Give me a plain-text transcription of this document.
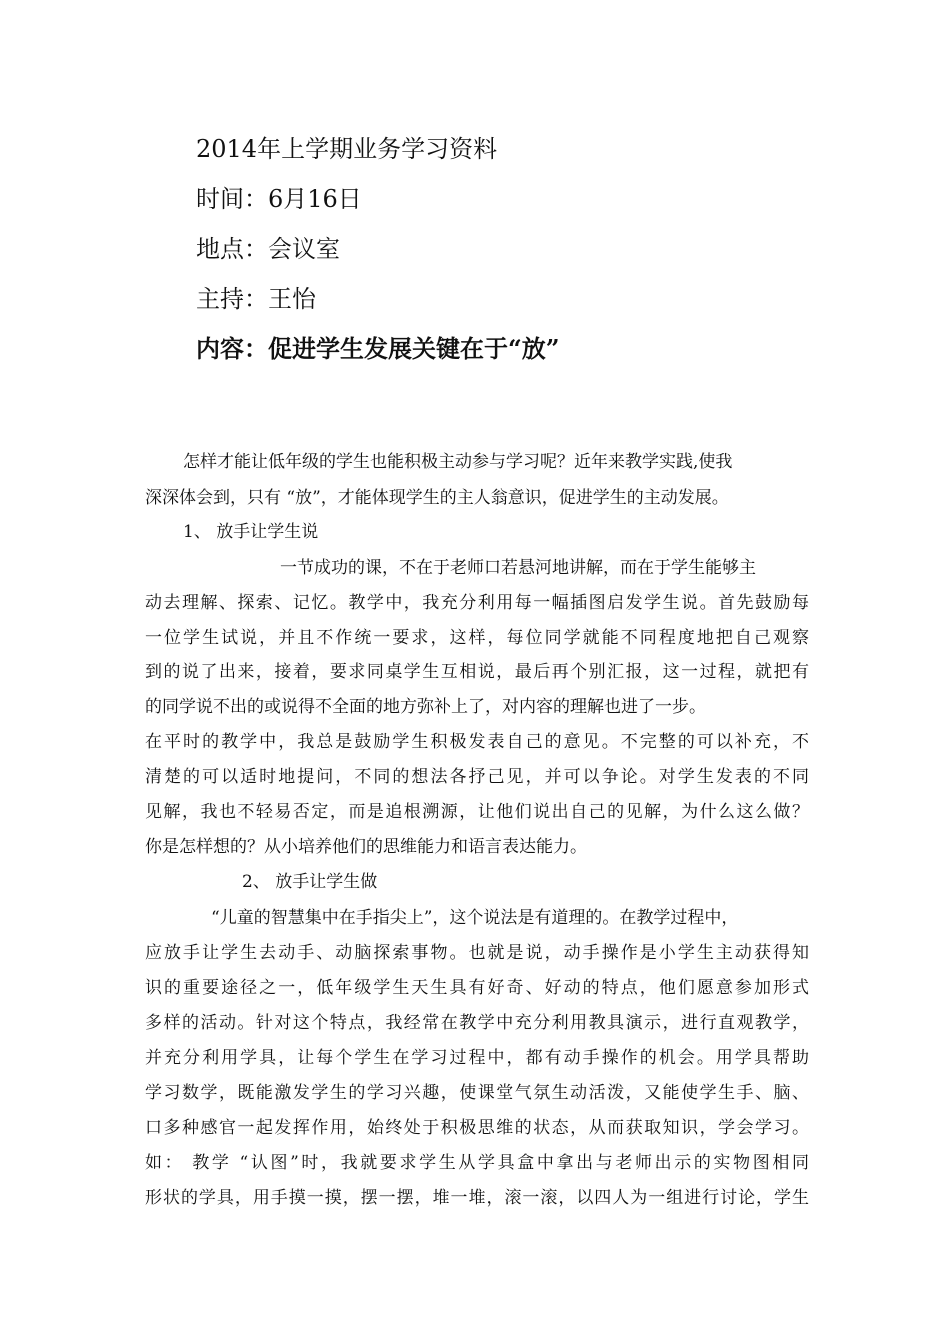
2014年上学期业务学习资料
时间：6月16日
地点：会议室
主持：王怡
内容：促进学生发展关键在于“放”
怎样才能让低年级的学生也能积极主动参与学习呢？近年来教学实践,使我
深深体会到，只有 “放”，才能体现学生的主人翁意识，促进学生的主动发展。
1、 放手让学生说
一节成功的课，不在于老师口若悬河地讲解，而在于学生能够主
动去理解、探索、记忆。教学中，我充分利用每一幅插图启发学生说。首先鼓励每
一位学生试说，并且不作统一要求，这样，每位同学就能不同程度地把自己观察
到的说了出来，接着，要求同桌学生互相说，最后再个别汇报，这一过程，就把有
的同学说不出的或说得不全面的地方弥补上了，对内容的理解也进了一步。
在平时的教学中，我总是鼓励学生积极发表自己的意见。不完整的可以补充，不
清楚的可以适时地提问，不同的想法各抒己见，并可以争论。对学生发表的不同
见解，我也不轻易否定，而是追根溯源，让他们说出自己的见解，为什么这么做？
你是怎样想的？从小培养他们的思维能力和语言表达能力。
2、 放手让学生做
“儿童的智慧集中在手指尖上”，这个说法是有道理的。在教学过程中，
应放手让学生去动手、动脑探索事物。也就是说，动手操作是小学生主动获得知
识的重要途径之一，低年级学生天生具有好奇、好动的特点，他们愿意参加形式
多样的活动。针对这个特点，我经常在教学中充分利用教具演示，进行直观教学，
并充分利用学具，让每个学生在学习过程中，都有动手操作的机会。用学具帮助
学习数学，既能激发学生的学习兴趣，使课堂气氛生动活泼，又能使学生手、脑、
口多种感官一起发挥作用，始终处于积极思维的状态，从而获取知识，学会学习。
如： 教学 “认图”时，我就要求学生从学具盒中拿出与老师出示的实物图相同
形状的学具，用手摸一摸，摆一摆，堆一堆，滚一滚，以四人为一组进行讨论，学生
